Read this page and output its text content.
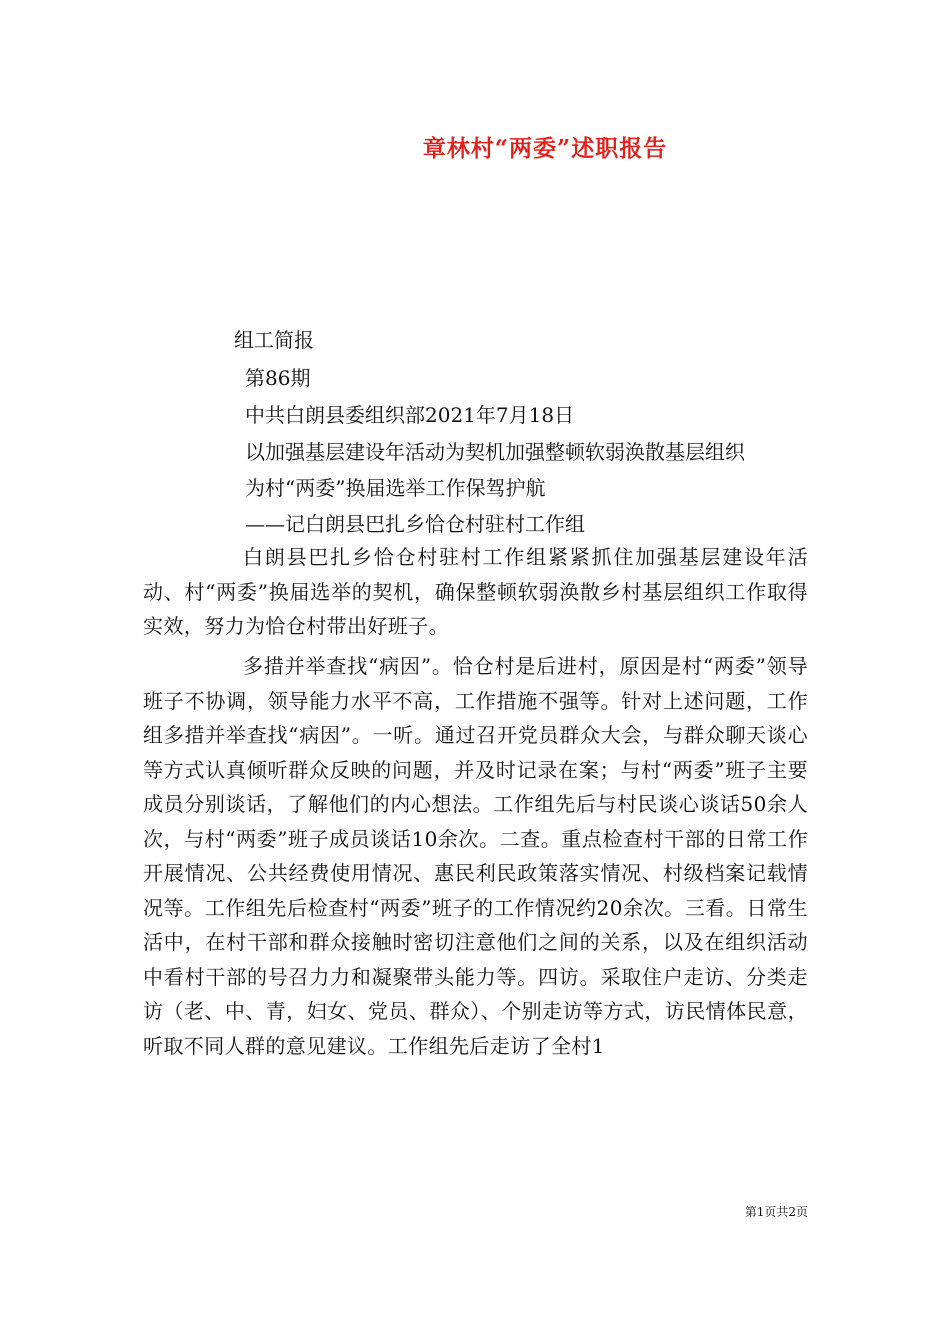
章林村“两委”述职报告
组工简报
第86期
中共白朗县委组织部2021年7月18日
以加强基层建设年活动为契机加强整顿软弱涣散基层组织
为村“两委”换届选举工作保驾护航
——记白朗县巴扎乡恰仓村驻村工作组

白朗县巴扎乡恰仓村驻村工作组紧紧抓住加强基层建设年活动、村“两委”换届选举的契机，确保整顿软弱涣散乡村基层组织工作取得实效，努力为恰仓村带出好班子。

多措并举查找“病因”。恰仓村是后进村，原因是村“两委”领导班子不协调，领导能力水平不高，工作措施不强等。针对上述问题，工作组多措并举查找“病因”。一听。通过召开党员群众大会，与群众聊天谈心等方式认真倾听群众反映的问题，并及时记录在案；与村“两委”班子主要成员分别谈话，了解他们的内心想法。工作组先后与村民谈心谈话50余人次，与村“两委”班子成员谈话10余次。二查。重点检查村干部的日常工作开展情况、公共经费使用情况、惠民利民政策落实情况、村级档案记载情况等。工作组先后检查村“两委”班子的工作情况约20余次。三看。日常生活中，在村干部和群众接触时密切注意他们之间的关系，以及在组织活动中看村干部的号召力力和凝聚带头能力等。四访。采取住户走访、分类走访（老、中、青，妇女、党员、群众）、个别走访等方式，访民情体民意，听取不同人群的意见建议。工作组先后走访了全村1

第1页共2页
